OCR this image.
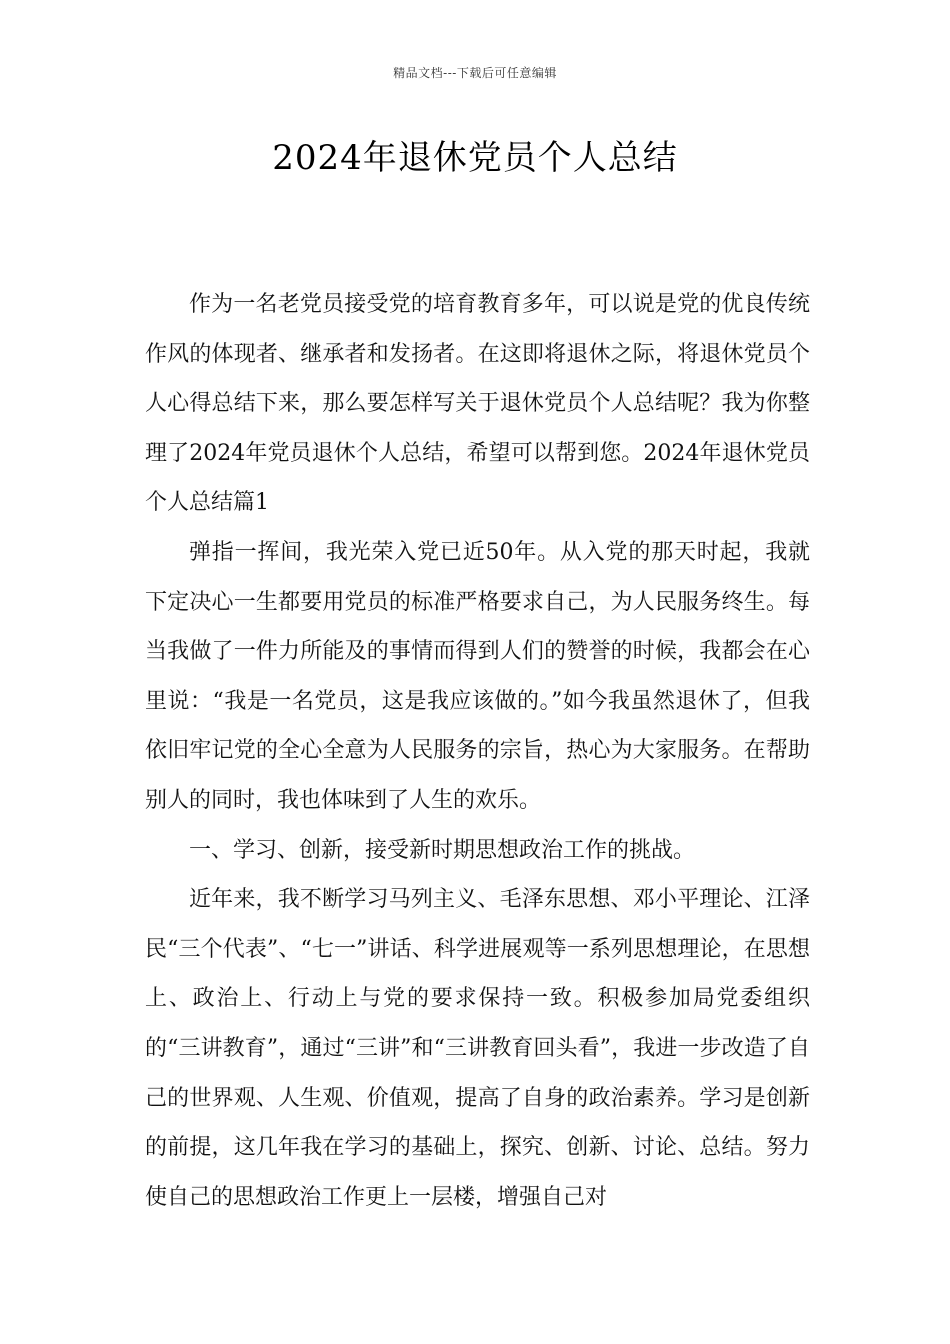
精品文档---下载后可任意编辑
2024年退休党员个人总结

作为一名老党员接受党的培育教育多年，可以说是党的优良传统作风的体现者、继承者和发扬者。在这即将退休之际，将退休党员个人心得总结下来，那么要怎样写关于退休党员个人总结呢？我为你整理了2024年党员退休个人总结，希望可以帮到您。2024年退休党员个人总结篇1

弹指一挥间，我光荣入党已近50年。从入党的那天时起，我就下定决心一生都要用党员的标准严格要求自己，为人民服务终生。每当我做了一件力所能及的事情而得到人们的赞誉的时候，我都会在心里说：“我是一名党员，这是我应该做的。”如今我虽然退休了，但我依旧牢记党的全心全意为人民服务的宗旨，热心为大家服务。在帮助别人的同时，我也体味到了人生的欢乐。

一、学习、创新，接受新时期思想政治工作的挑战。

近年来，我不断学习马列主义、毛泽东思想、邓小平理论、江泽民“三个代表”、“七一”讲话、科学进展观等一系列思想理论，在思想上、政治上、行动上与党的要求保持一致。积极参加局党委组织的“三讲教育”，通过“三讲”和“三讲教育回头看”，我进一步改造了自己的世界观、人生观、价值观，提高了自身的政治素养。学习是创新的前提，这几年我在学习的基础上，探究、创新、讨论、总结。努力使自己的思想政治工作更上一层楼，增强自己对
